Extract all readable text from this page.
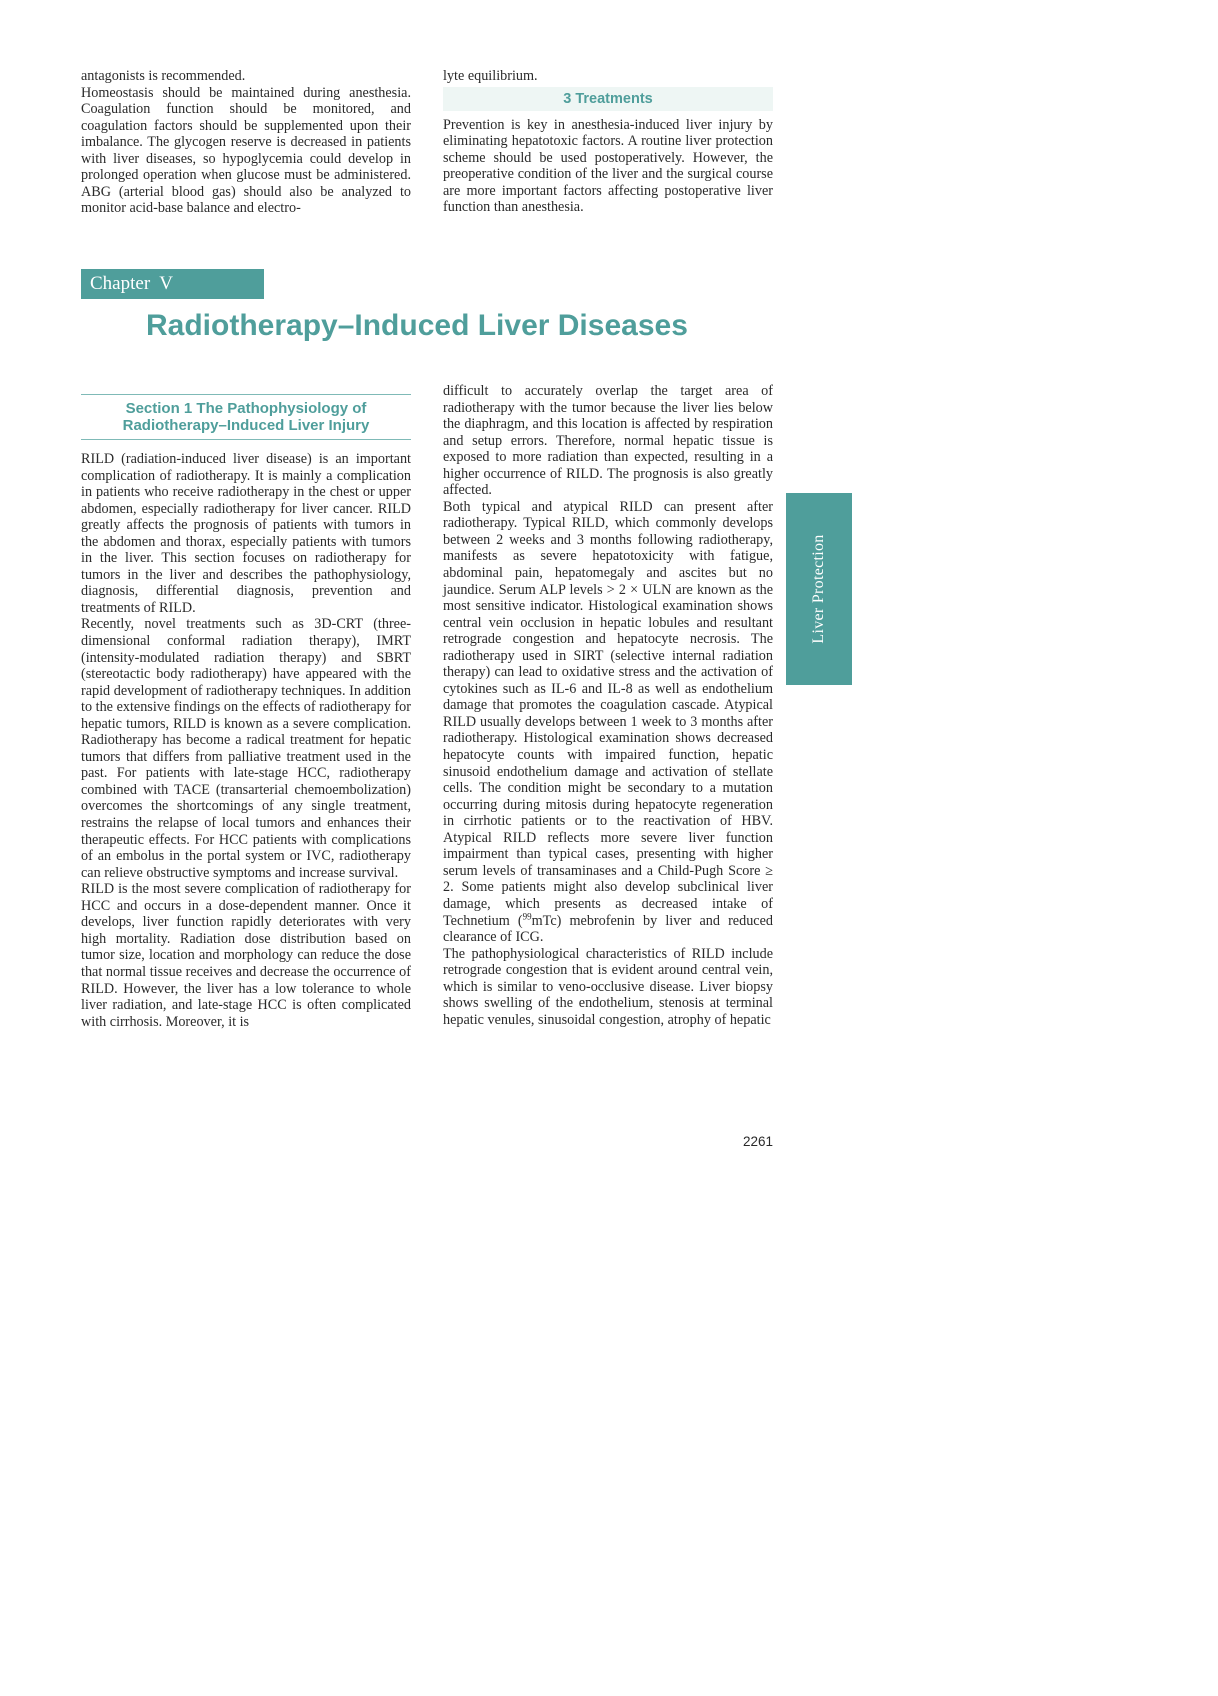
antagonists is recommended.

Homeostasis should be maintained during anesthesia. Coagulation function should be monitored, and coagulation factors should be supplemented upon their imbalance. The glycogen reserve is decreased in patients with liver diseases, so hypoglycemia could develop in prolonged operation when glucose must be administered. ABG (arterial blood gas) should also be analyzed to monitor acid-base balance and electro-

lyte equilibrium.

3 Treatments

Prevention is key in anesthesia-induced liver injury by eliminating hepatotoxic factors. A routine liver protection scheme should be used postoperatively. However, the preoperative condition of the liver and the surgical course are more important factors affecting postoperative liver function than anesthesia.

Chapter  V
Radiotherapy–Induced Liver Diseases
Section 1 The Pathophysiology of
Radiotherapy–Induced Liver Injury

RILD (radiation-induced liver disease) is an important complication of radiotherapy. It is mainly a complication in patients who receive radiotherapy in the chest or upper abdomen, especially radiotherapy for liver cancer. RILD greatly affects the prognosis of patients with tumors in the abdomen and thorax, especially patients with tumors in the liver. This section focuses on radiotherapy for tumors in the liver and describes the pathophysiology, diagnosis, differential diagnosis, prevention and treatments of RILD.

Recently, novel treatments such as 3D-CRT (three-dimensional conformal radiation therapy), IMRT (intensity-modulated radiation therapy) and SBRT (stereotactic body radiotherapy) have appeared with the rapid development of radiotherapy techniques. In addition to the extensive findings on the effects of radiotherapy for hepatic tumors, RILD is known as a severe complication. Radiotherapy has become a radical treatment for hepatic tumors that differs from palliative treatment used in the past. For patients with late-stage HCC, radiotherapy combined with TACE (transarterial chemoembolization) overcomes the shortcomings of any single treatment, restrains the relapse of local tumors and enhances their therapeutic effects. For HCC patients with complications of an embolus in the portal system or IVC, radiotherapy can relieve obstructive symptoms and increase survival.

RILD is the most severe complication of radiotherapy for HCC and occurs in a dose-dependent manner. Once it develops, liver function rapidly deteriorates with very high mortality. Radiation dose distribution based on tumor size, location and morphology can reduce the dose that normal tissue receives and decrease the occurrence of RILD. However, the liver has a low tolerance to whole liver radiation, and late-stage HCC is often complicated with cirrhosis. Moreover, it is

difficult to accurately overlap the target area of radiotherapy with the tumor because the liver lies below the diaphragm, and this location is affected by respiration and setup errors. Therefore, normal hepatic tissue is exposed to more radiation than expected, resulting in a higher occurrence of RILD. The prognosis is also greatly affected.

Both typical and atypical RILD can present after radiotherapy. Typical RILD, which commonly develops between 2 weeks and 3 months following radiotherapy, manifests as severe hepatotoxicity with fatigue, abdominal pain, hepatomegaly and ascites but no jaundice. Serum ALP levels > 2 × ULN are known as the most sensitive indicator. Histological examination shows central vein occlusion in hepatic lobules and resultant retrograde congestion and hepatocyte necrosis. The radiotherapy used in SIRT (selective internal radiation therapy) can lead to oxidative stress and the activation of cytokines such as IL-6 and IL-8 as well as endothelium damage that promotes the coagulation cascade. Atypical RILD usually develops between 1 week to 3 months after radiotherapy. Histological examination shows decreased hepatocyte counts with impaired function, hepatic sinusoid endothelium damage and activation of stellate cells. The condition might be secondary to a mutation occurring during mitosis during hepatocyte regeneration in cirrhotic patients or to the reactivation of HBV. Atypical RILD reflects more severe liver function impairment than typical cases, presenting with higher serum levels of transaminases and a Child-Pugh Score ≥ 2. Some patients might also develop subclinical liver damage, which presents as decreased intake of Technetium ($^{99}$mTc) mebrofenin by liver and reduced clearance of ICG.

The pathophysiological characteristics of RILD include retrograde congestion that is evident around central vein, which is similar to veno-occlusive disease. Liver biopsy shows swelling of the endothelium, stenosis at terminal hepatic venules, sinusoidal congestion, atrophy of hepatic

Liver Protection
2261
